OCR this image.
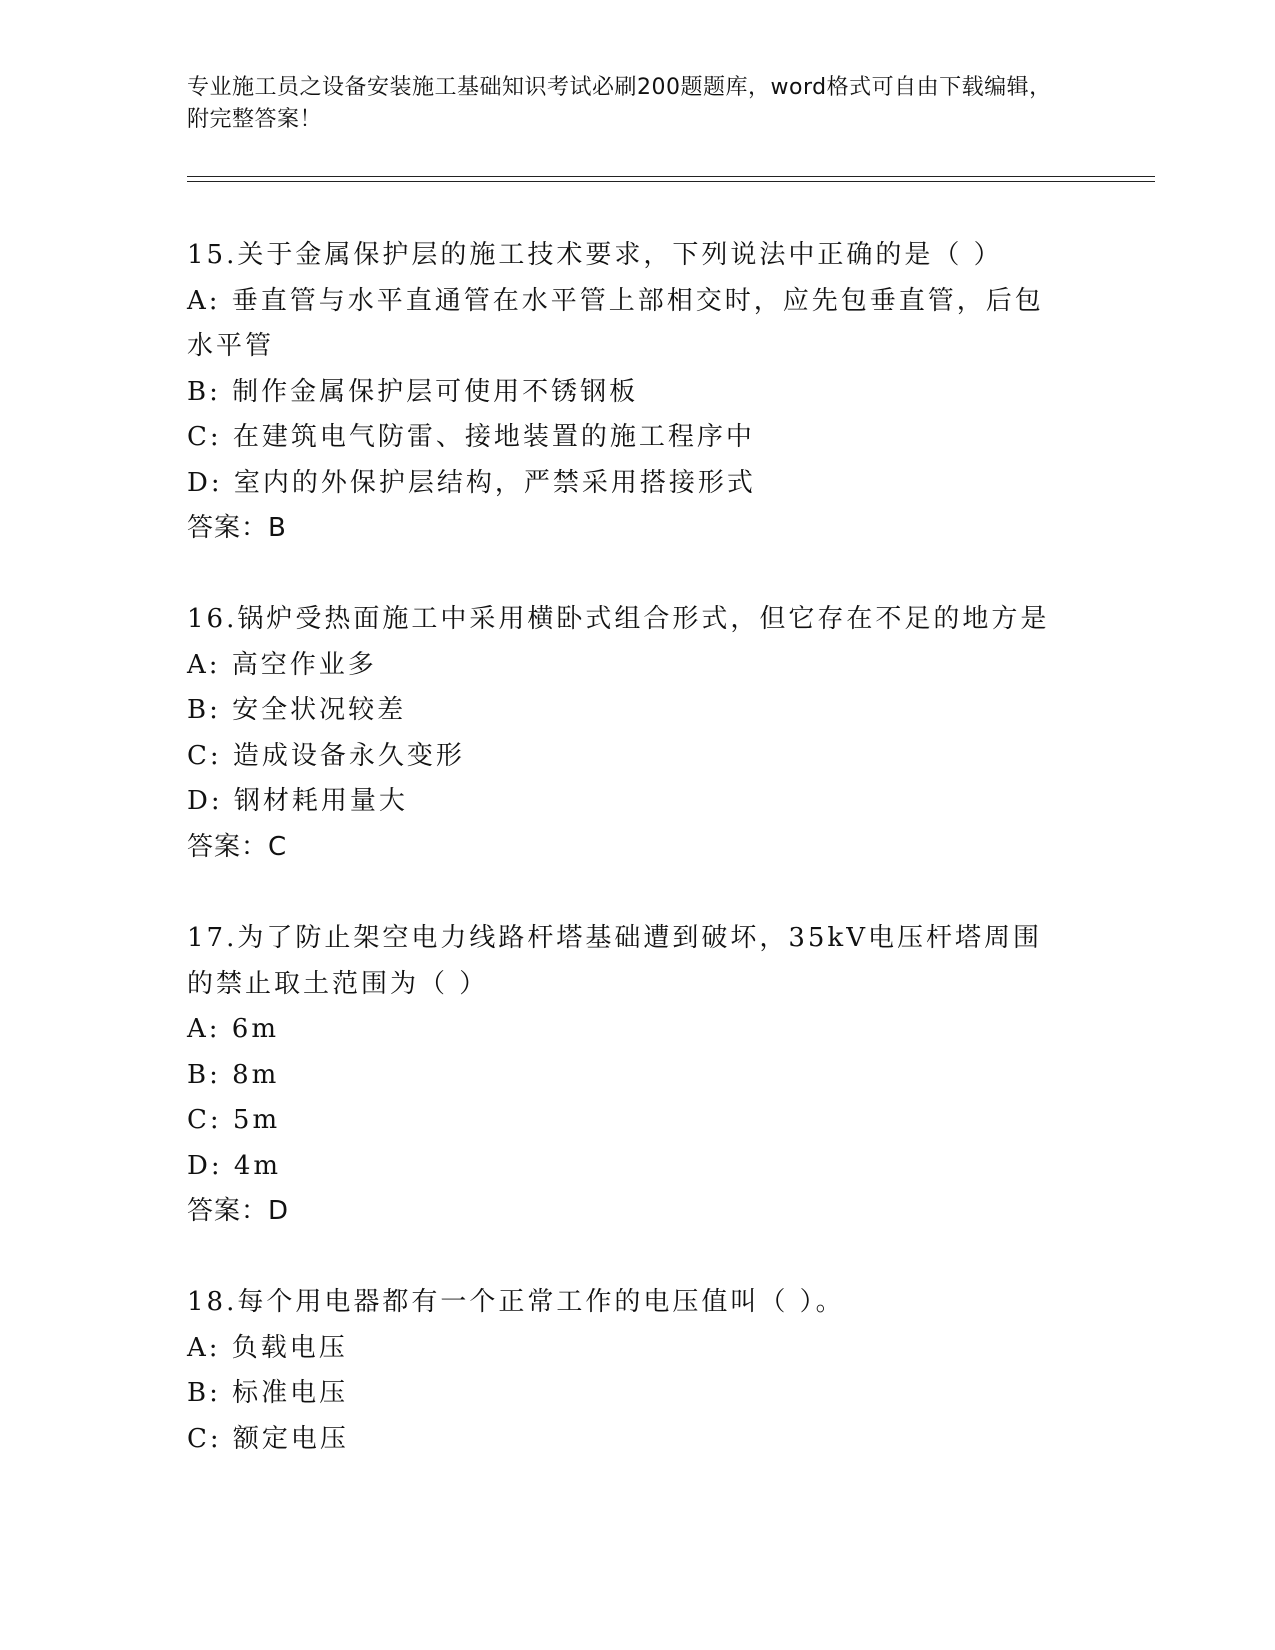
专业施工员之设备安装施工基础知识考试必刷200题题库，word格式可自由下载编辑，附完整答案！

15.关于金属保护层的施工技术要求，下列说法中正确的是（ ）

A: 垂直管与水平直通管在水平管上部相交时，应先包垂直管，后包水平管

B: 制作金属保护层可使用不锈钢板

C: 在建筑电气防雷、接地装置的施工程序中

D: 室内的外保护层结构，严禁采用搭接形式

答案：B

16.锅炉受热面施工中采用横卧式组合形式，但它存在不足的地方是

A: 高空作业多

B: 安全状况较差

C: 造成设备永久变形

D: 钢材耗用量大

答案：C

17.为了防止架空电力线路杆塔基础遭到破坏，35kV电压杆塔周围的禁止取土范围为（ ）

A: 6m

B: 8m

C: 5m

D: 4m

答案：D

18.每个用电器都有一个正常工作的电压值叫（ ）。

A: 负载电压

B: 标准电压

C: 额定电压
